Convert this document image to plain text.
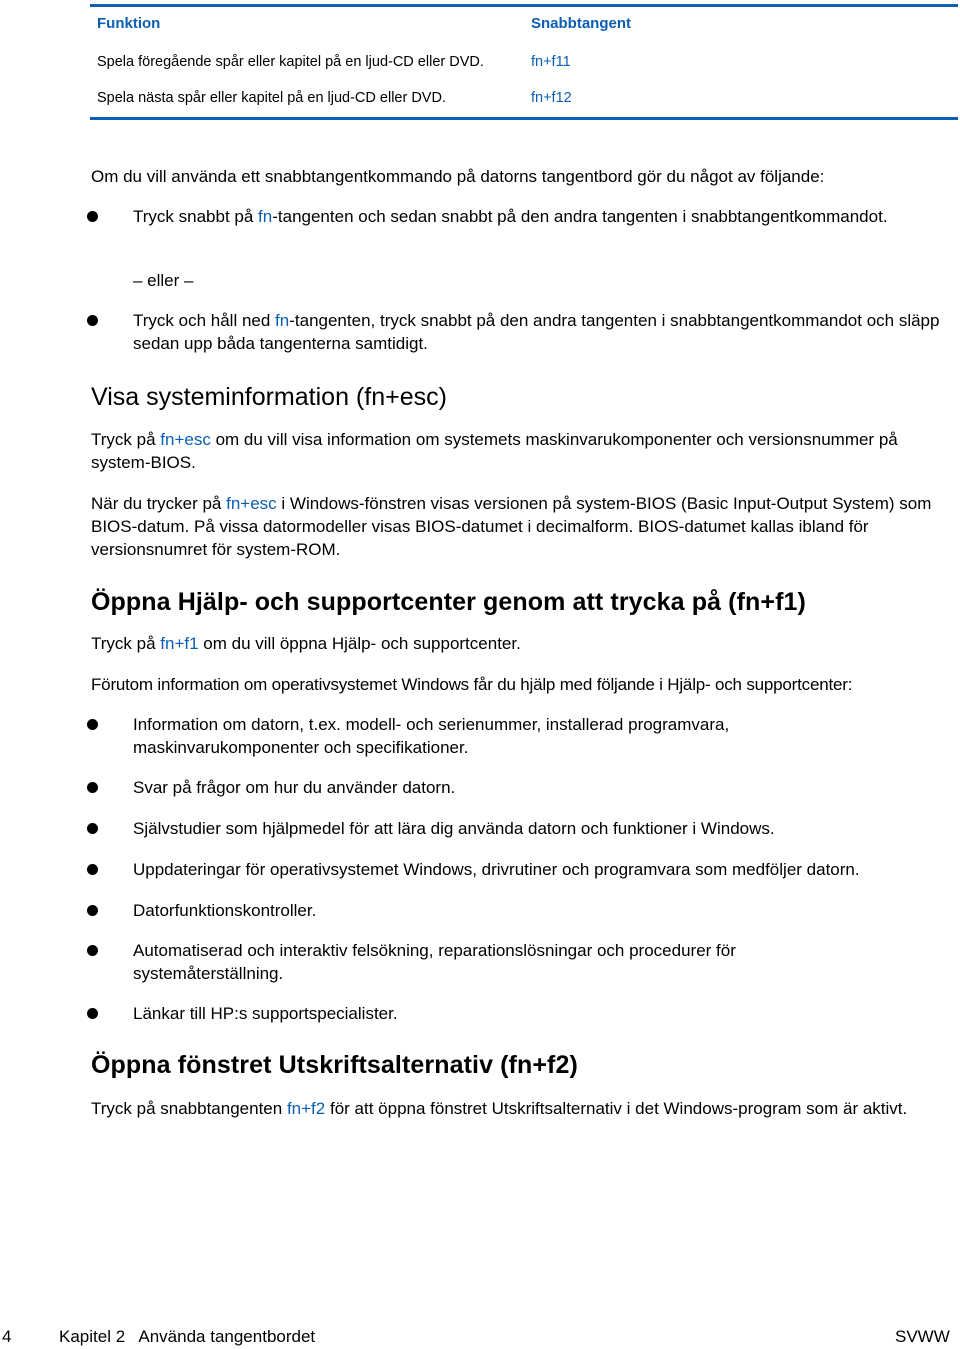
Funktion	Snabbtangent
Spela föregående spår eller kapitel på en ljud-CD eller DVD.	fn+f11
Spela nästa spår eller kapitel på en ljud-CD eller DVD.	fn+f12
Om du vill använda ett snabbtangentkommando på datorns tangentbord gör du något av följande:
Tryck snabbt på fn-tangenten och sedan snabbt på den andra tangenten i snabbtangentkommandot.
– eller –
Tryck och håll ned fn-tangenten, tryck snabbt på den andra tangenten i snabbtangentkommandot och släpp sedan upp båda tangenterna samtidigt.
Visa systeminformation (fn+esc)
Tryck på fn+esc om du vill visa information om systemets maskinvarukomponenter och versionsnummer på system-BIOS.
När du trycker på fn+esc i Windows-fönstren visas versionen på system-BIOS (Basic Input-Output System) som BIOS-datum. På vissa datormodeller visas BIOS-datumet i decimalform. BIOS-datumet kallas ibland för versionsnumret för system-ROM.
Öppna Hjälp- och supportcenter genom att trycka på (fn+f1)
Tryck på fn+f1 om du vill öppna Hjälp- och supportcenter.
Förutom information om operativsystemet Windows får du hjälp med följande i Hjälp- och supportcenter:
Information om datorn, t.ex. modell- och serienummer, installerad programvara, maskinvarukomponenter och specifikationer.
Svar på frågor om hur du använder datorn.
Självstudier som hjälpmedel för att lära dig använda datorn och funktioner i Windows.
Uppdateringar för operativsystemet Windows, drivrutiner och programvara som medföljer datorn.
Datorfunktionskontroller.
Automatiserad och interaktiv felsökning, reparationslösningar och procedurer för systemåterställning.
Länkar till HP:s supportspecialister.
Öppna fönstret Utskriftsalternativ (fn+f2)
Tryck på snabbtangenten fn+f2 för att öppna fönstret Utskriftsalternativ i det Windows-program som är aktivt.
4	Kapitel 2   Använda tangentbordet	SVWW
